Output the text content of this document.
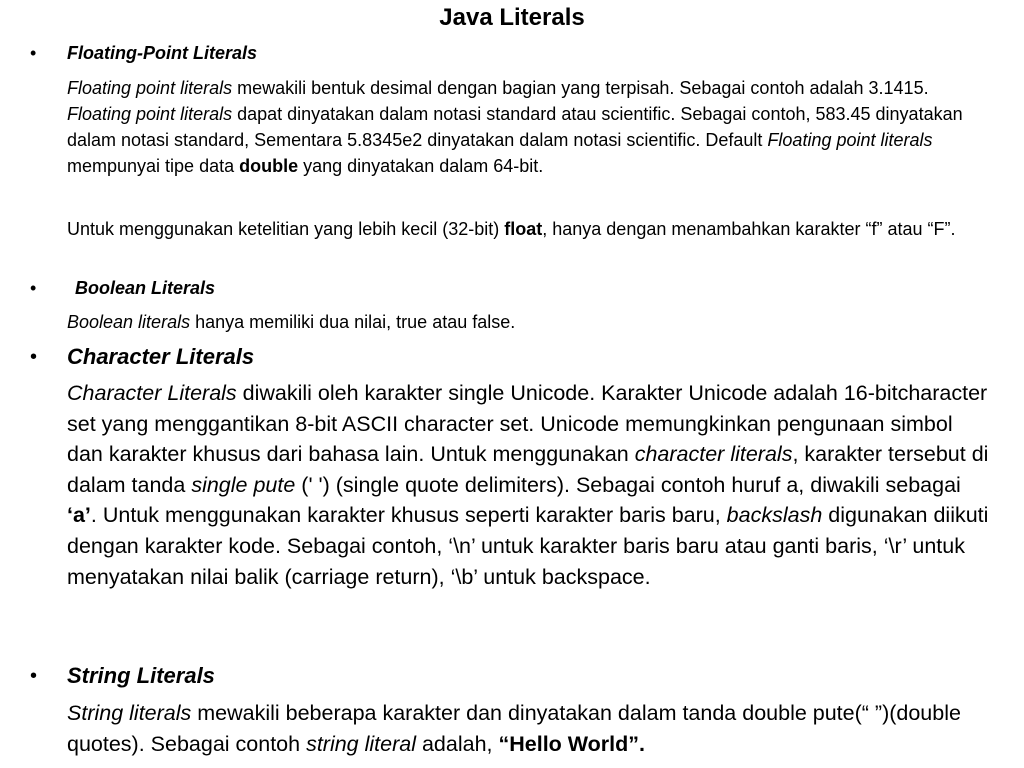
Java Literals
• Floating-Point Literals
Floating point literals mewakili bentuk desimal dengan bagian yang terpisah. Sebagai contoh adalah 3.1415. Floating point literals dapat dinyatakan dalam notasi standard atau scientific. Sebagai contoh, 583.45 dinyatakan dalam notasi standard, Sementara 5.8345e2 dinyatakan dalam notasi scientific. Default Floating point literals mempunyai tipe data double yang dinyatakan dalam 64-bit.
Untuk menggunakan ketelitian yang lebih kecil (32-bit) float, hanya dengan menambahkan karakter “f” atau “F”.
• Boolean Literals
Boolean literals hanya memiliki dua nilai, true atau false.
• Character Literals
Character Literals diwakili oleh karakter single Unicode. Karakter Unicode adalah 16-bitcharacter set yang menggantikan 8-bit ASCII character set. Unicode memungkinkan pengunaan simbol dan karakter khusus dari bahasa lain. Untuk menggunakan character literals, karakter tersebut di dalam tanda single pute (' ') (single quote delimiters). Sebagai contoh huruf a, diwakili sebagai ‘a’. Untuk menggunakan karakter khusus seperti karakter baris baru, backslash digunakan diikuti dengan karakter kode. Sebagai contoh, ‘\n’ untuk karakter baris baru atau ganti baris, ‘\r’ untuk menyatakan nilai balik (carriage return), ‘\b’ untuk backspace.
• String Literals
String literals mewakili beberapa karakter dan dinyatakan dalam tanda double pute(“ ”)(double quotes). Sebagai contoh string literal adalah, “Hello World”.
